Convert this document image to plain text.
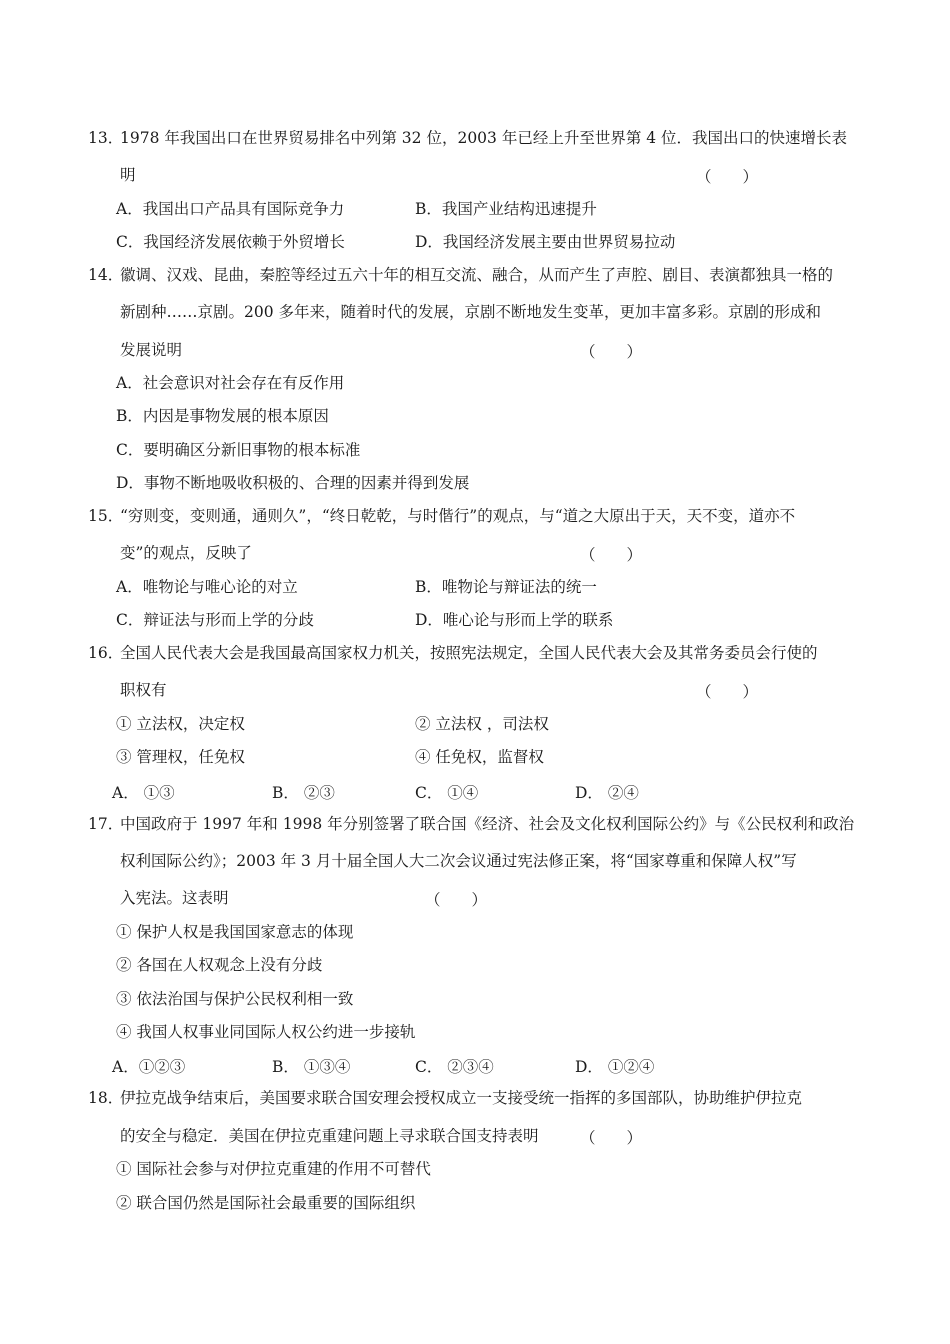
13．
1978 年我国出口在世界贸易排名中列第 32 位，2003 年已经上升至世界第 4 位．我国出口的快速增长表
明	（　　）
A．我国出口产品具有国际竞争力	B．我国产业结构迅速提升
C．我国经济发展依赖于外贸增长	D．我国经济发展主要由世界贸易拉动
14．
徽调、汉戏、昆曲，秦腔等经过五六十年的相互交流、融合，从而产生了声腔、剧目、表演都独具一格的
新剧种……京剧。200 多年来，随着时代的发展，京剧不断地发生变革，更加丰富多彩。京剧的形成和
发展说明	（　　）
A．社会意识对社会存在有反作用
B．内因是事物发展的根本原因
C．要明确区分新旧事物的根本标准
D．事物不断地吸收积极的、合理的因素并得到发展
15．
“穷则变，变则通，通则久”，“终日乾乾，与时偕行”的观点，与“道之大原出于天，天不变，道亦不
变”的观点，反映了	（　　）
A．唯物论与唯心论的对立	B．唯物论与辩证法的统一
C．辩证法与形而上学的分歧	D．唯心论与形而上学的联系
16．
全国人民代表大会是我国最高国家权力机关，按照宪法规定，全国人民代表大会及其常务委员会行使的
职权有	（　　）
① 立法权，决定权	② 立法权 ，司法权
③ 管理权，任免权	④ 任免权，监督权
A． ①③	B． ②③	C． ①④	D． ②④
17．
中国政府于 1997 年和 1998 年分别签署了联合国《经济、社会及文化权利国际公约》与《公民权利和政治
权利国际公约》；2003 年 3 月十届全国人大二次会议通过宪法修正案，将“国家尊重和保障人权”写
入宪法。这表明	（　　）
① 保护人权是我国国家意志的体现
② 各国在人权观念上没有分歧
③ 依法治国与保护公民权利相一致
④ 我国人权事业同国际人权公约进一步接轨
A．①②③	B． ①③④	C． ②③④	D． ①②④
18．
伊拉克战争结束后，美国要求联合国安理会授权成立一支接受统一指挥的多国部队，协助维护伊拉克
的安全与稳定．美国在伊拉克重建问题上寻求联合国支持表明	（　　）
① 国际社会参与对伊拉克重建的作用不可替代
② 联合国仍然是国际社会最重要的国际组织
